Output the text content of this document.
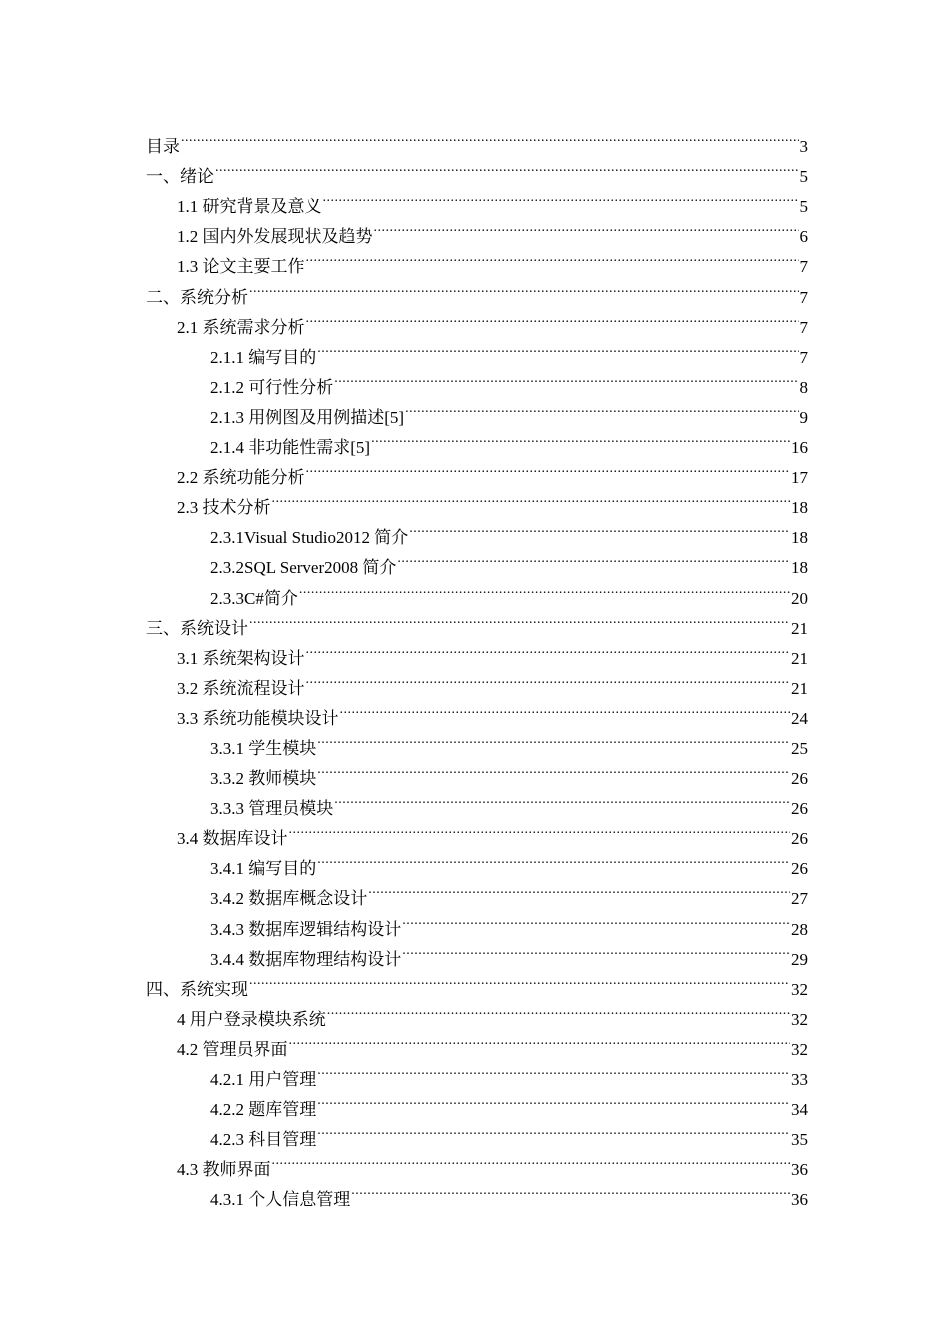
目录 .....	3
一、绪论 .....	5
1.1 研究背景及意义 .....	5
1.2 国内外发展现状及趋势 .....	6
1.3 论文主要工作 .....	7
二、系统分析 .....	7
2.1 系统需求分析 .....	7
2.1.1 编写目的 .....	7
2.1.2 可行性分析 .....	8
2.1.3 用例图及用例描述[5] .....	9
2.1.4 非功能性需求[5] .....	16
2.2 系统功能分析 .....	17
2.3 技术分析 .....	18
2.3.1Visual Studio2012 简介 .....	18
2.3.2SQL Server2008 简介 .....	18
2.3.3C#简介 .....	20
三、系统设计 .....	21
3.1 系统架构设计 .....	21
3.2 系统流程设计 .....	21
3.3 系统功能模块设计 .....	24
3.3.1 学生模块 .....	25
3.3.2 教师模块 .....	26
3.3.3 管理员模块 .....	26
3.4 数据库设计 .....	26
3.4.1 编写目的 .....	26
3.4.2 数据库概念设计 .....	27
3.4.3 数据库逻辑结构设计 .....	28
3.4.4 数据库物理结构设计 .....	29
四、系统实现 .....	32
4 用户登录模块系统 .....	32
4.2 管理员界面 .....	32
4.2.1 用户管理 .....	33
4.2.2 题库管理 .....	34
4.2.3 科目管理 .....	35
4.3 教师界面 .....	36
4.3.1 个人信息管理 .....	36
